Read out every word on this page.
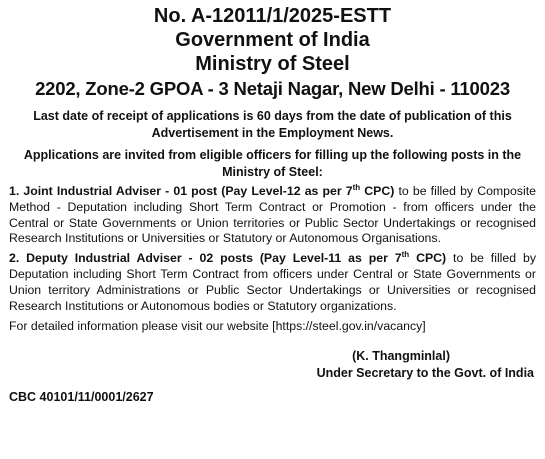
No. A-12011/1/2025-ESTT

Government of India

Ministry of Steel

2202, Zone-2 GPOA - 3 Netaji Nagar, New Delhi - 110023

Last date of receipt of applications is 60 days from the date of publication of this Advertisement in the Employment News.

Applications are invited from eligible officers for filling up the following posts in the Ministry of Steel:

1. Joint Industrial Adviser - 01 post (Pay Level-12 as per 7th CPC) to be filled by Composite Method - Deputation including Short Term Contract or Promotion - from officers under the Central or State Governments or Union territories or Public Sector Undertakings or recognised Research Institutions or Universities or Statutory or Autonomous Organisations.

2. Deputy Industrial Adviser - 02 posts (Pay Level-11 as per 7th CPC) to be filled by Deputation including Short Term Contract from officers under Central or State Governments or Union territory Administrations or Public Sector Undertakings or Universities or recognised Research Institutions or Autonomous bodies or Statutory organizations.

For detailed information please visit our website [https://steel.gov.in/vacancy]

(K. Thangminlal)

Under Secretary to the Govt. of India

CBC 40101/11/0001/2627
